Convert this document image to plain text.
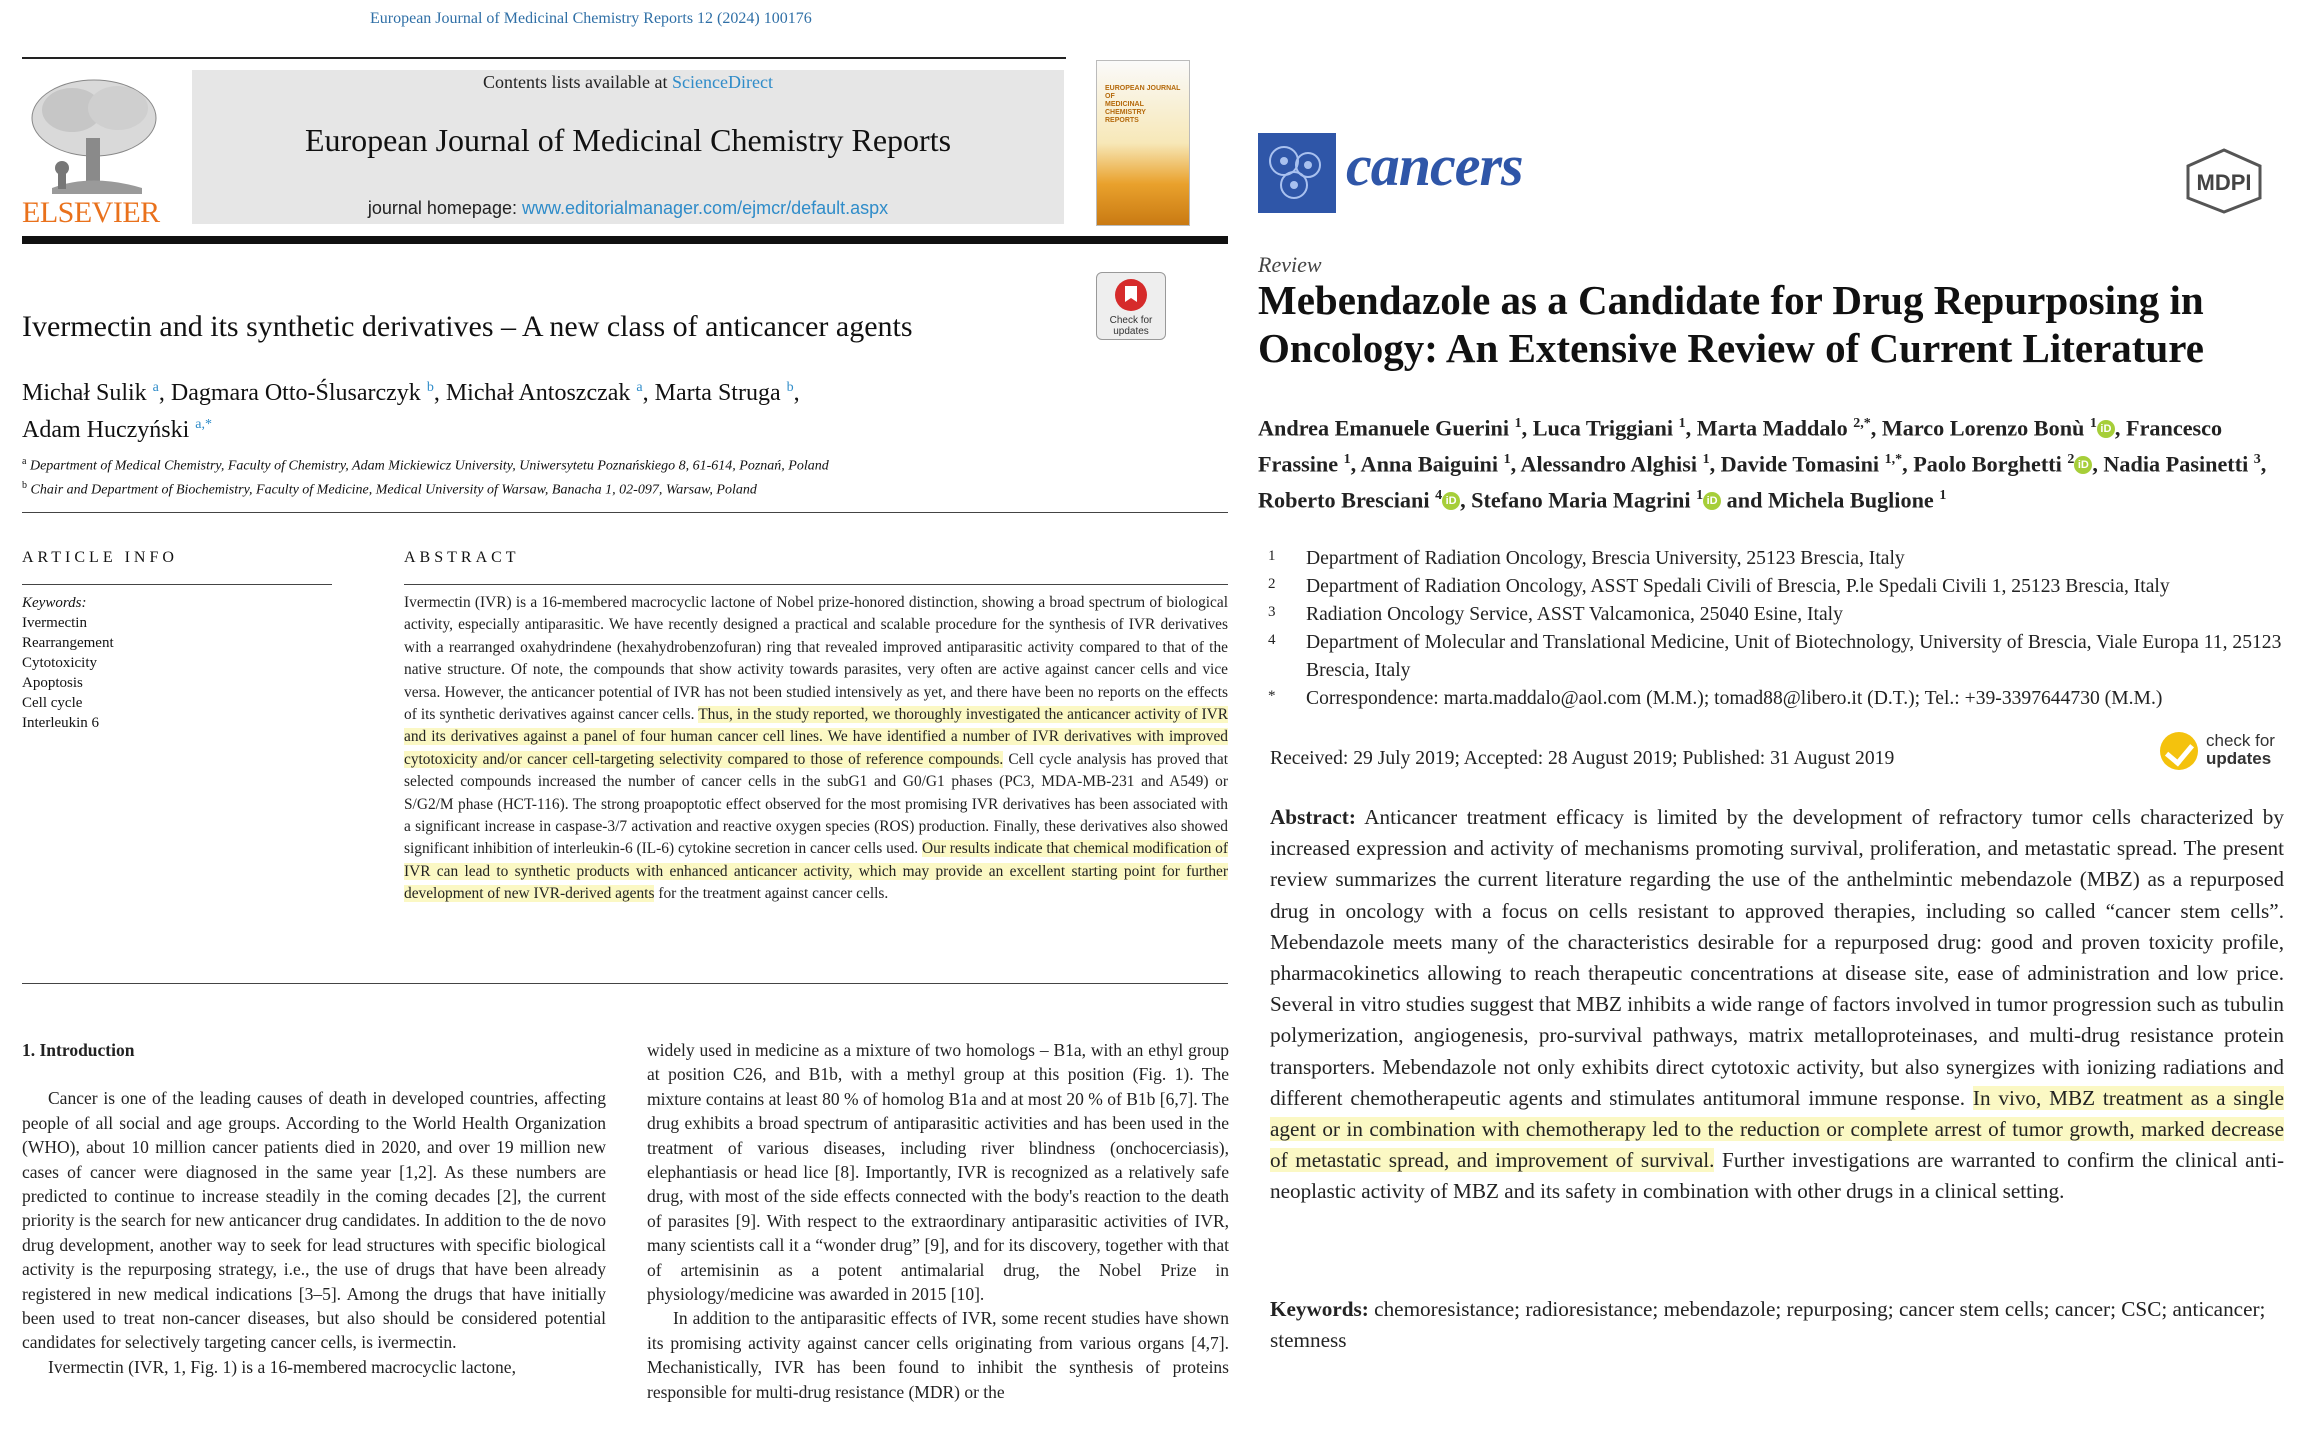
European Journal of Medicinal Chemistry Reports 12 (2024) 100176
ELSEVIER
Contents lists available at ScienceDirect
European Journal of Medicinal Chemistry Reports
journal homepage: www.editorialmanager.com/ejmcr/default.aspx
EUROPEAN JOURNAL OF
MEDICINAL
CHEMISTRY
REPORTS
Check for updates
Ivermectin and its synthetic derivatives – A new class of anticancer agents
Michał Sulik $^a$, Dagmara Otto-Ślusarczyk $^b$, Michał Antoszczak $^a$, Marta Struga $^b$,
Adam Huczyński $^{a,*}$
$^a$ Department of Medical Chemistry, Faculty of Chemistry, Adam Mickiewicz University, Uniwersytetu Poznańskiego 8, 61-614, Poznań, Poland
$^b$ Chair and Department of Biochemistry, Faculty of Medicine, Medical University of Warsaw, Banacha 1, 02-097, Warsaw, Poland
ARTICLE INFO
Keywords:
Ivermectin
Rearrangement
Cytotoxicity
Apoptosis
Cell cycle
Interleukin 6
ABSTRACT
Ivermectin (IVR) is a 16-membered macrocyclic lactone of Nobel prize-honored distinction, showing a broad spectrum of biological activity, especially antiparasitic. We have recently designed a practical and scalable procedure for the synthesis of IVR derivatives with a rearranged oxahydrindene (hexahydrobenzofuran) ring that revealed improved antiparasitic activity compared to that of the native structure. Of note, the compounds that show activity towards parasites, very often are active against cancer cells and vice versa. However, the anticancer potential of IVR has not been studied intensively as yet, and there have been no reports on the effects of its synthetic derivatives against cancer cells. Thus, in the study reported, we thoroughly investigated the anticancer activity of IVR and its derivatives against a panel of four human cancer cell lines. We have identified a number of IVR derivatives with improved cytotoxicity and/or cancer cell-targeting selectivity compared to those of reference compounds. Cell cycle analysis has proved that selected compounds increased the number of cancer cells in the subG1 and G0/G1 phases (PC3, MDA-MB-231 and A549) or S/G2/M phase (HCT-116). The strong proapoptotic effect observed for the most promising IVR derivatives has been associated with a significant increase in caspase-3/7 activation and reactive oxygen species (ROS) production. Finally, these derivatives also showed significant inhibition of interleukin-6 (IL-6) cytokine secretion in cancer cells used. Our results indicate that chemical modification of IVR can lead to synthetic products with enhanced anticancer activity, which may provide an excellent starting point for further development of new IVR-derived agents for the treatment against cancer cells.
1. Introduction

Cancer is one of the leading causes of death in developed countries, affecting people of all social and age groups. According to the World Health Organization (WHO), about 10 million cancer patients died in 2020, and over 19 million new cases of cancer were diagnosed in the same year [1,2]. As these numbers are predicted to continue to increase steadily in the coming decades [2], the current priority is the search for new anticancer drug candidates. In addition to the de novo drug development, another way to seek for lead structures with specific biological activity is the repurposing strategy, i.e., the use of drugs that have been already registered in new medical indications [3–5]. Among the drugs that have initially been used to treat non-cancer diseases, but also should be considered potential candidates for selectively targeting cancer cells, is ivermectin.

Ivermectin (IVR, 1, Fig. 1) is a 16-membered macrocyclic lactone,

widely used in medicine as a mixture of two homologs – B1a, with an ethyl group at position C26, and B1b, with a methyl group at this position (Fig. 1). The mixture contains at least 80 % of homolog B1a and at most 20 % of B1b [6,7]. The drug exhibits a broad spectrum of antiparasitic activities and has been used in the treatment of various diseases, including river blindness (onchocerciasis), elephantiasis or head lice [8]. Importantly, IVR is recognized as a relatively safe drug, with most of the side effects connected with the body's reaction to the death of parasites [9]. With respect to the extraordinary antiparasitic activities of IVR, many scientists call it a “wonder drug” [9], and for its discovery, together with that of artemisinin as a potent antimalarial drug, the Nobel Prize in physiology/medicine was awarded in 2015 [10].

In addition to the antiparasitic effects of IVR, some recent studies have shown its promising activity against cancer cells originating from various organs [4,7]. Mechanistically, IVR has been found to inhibit the synthesis of proteins responsible for multi-drug resistance (MDR) or the

cancers	MDPI
Review
Mebendazole as a Candidate for Drug Repurposing in Oncology: An Extensive Review of Current Literature
Andrea Emanuele Guerini $^1$, Luca Triggiani $^1$, Marta Maddalo $^{2,*}$, Marco Lorenzo Bonù $^1$ iD , Francesco Frassine $^1$, Anna Baiguini $^1$, Alessandro Alghisi $^1$, Davide Tomasini $^{1,*}$, Paolo Borghetti $^2$ iD , Nadia Pasinetti $^3$, Roberto Bresciani $^4$ iD , Stefano Maria Magrini $^1$ iD and Michela Buglione $^1$
1	Department of Radiation Oncology, Brescia University, 25123 Brescia, Italy
2	Department of Radiation Oncology, ASST Spedali Civili of Brescia, P.le Spedali Civili 1, 25123 Brescia, Italy
3	Radiation Oncology Service, ASST Valcamonica, 25040 Esine, Italy
4	Department of Molecular and Translational Medicine, Unit of Biotechnology, University of Brescia, Viale Europa 11, 25123 Brescia, Italy
*	Correspondence: marta.maddalo@aol.com (M.M.); tomad88@libero.it (D.T.); Tel.: +39-3397644730 (M.M.)
Received: 29 July 2019; Accepted: 28 August 2019; Published: 31 August 2019
check for
updates
Abstract: Anticancer treatment efficacy is limited by the development of refractory tumor cells characterized by increased expression and activity of mechanisms promoting survival, proliferation, and metastatic spread. The present review summarizes the current literature regarding the use of the anthelmintic mebendazole (MBZ) as a repurposed drug in oncology with a focus on cells resistant to approved therapies, including so called “cancer stem cells”. Mebendazole meets many of the characteristics desirable for a repurposed drug: good and proven toxicity profile, pharmacokinetics allowing to reach therapeutic concentrations at disease site, ease of administration and low price. Several in vitro studies suggest that MBZ inhibits a wide range of factors involved in tumor progression such as tubulin polymerization, angiogenesis, pro-survival pathways, matrix metalloproteinases, and multi-drug resistance protein transporters. Mebendazole not only exhibits direct cytotoxic activity, but also synergizes with ionizing radiations and different chemotherapeutic agents and stimulates antitumoral immune response. In vivo, MBZ treatment as a single agent or in combination with chemotherapy led to the reduction or complete arrest of tumor growth, marked decrease of metastatic spread, and improvement of survival. Further investigations are warranted to confirm the clinical anti-neoplastic activity of MBZ and its safety in combination with other drugs in a clinical setting.
Keywords: chemoresistance; radioresistance; mebendazole; repurposing; cancer stem cells; cancer; CSC; anticancer; stemness
